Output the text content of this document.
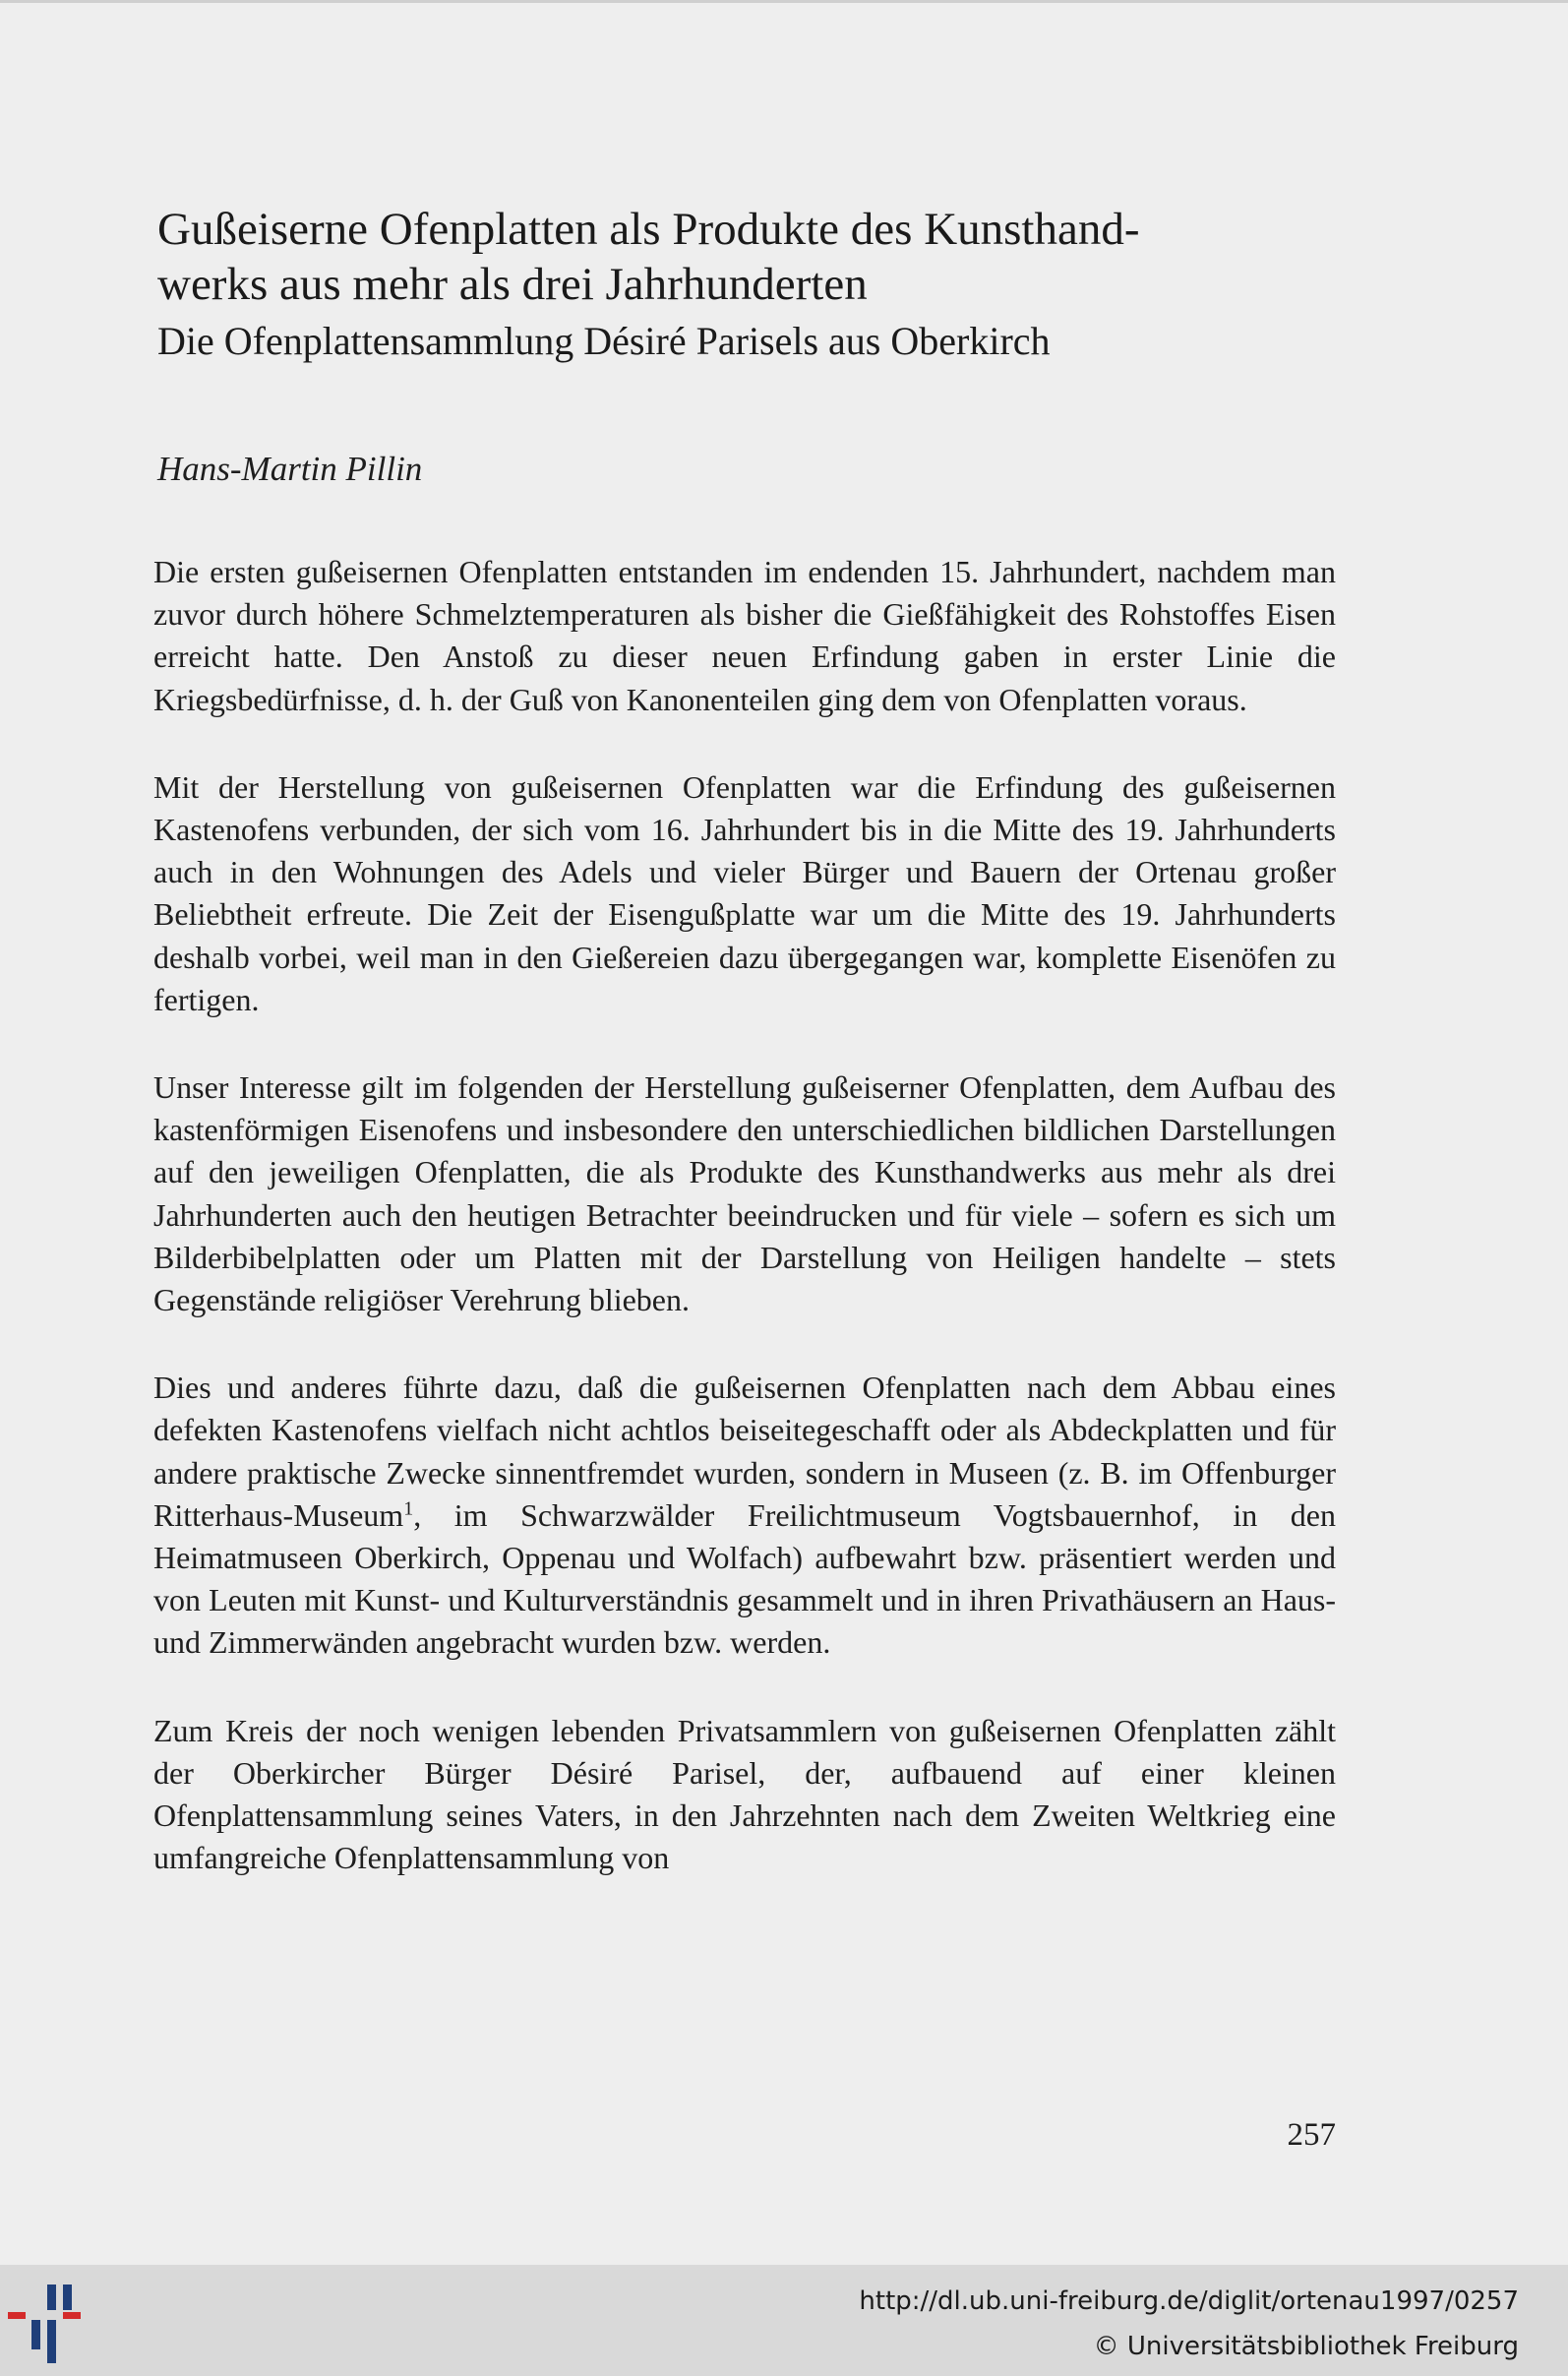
Gußeiserne Ofenplatten als Produkte des Kunsthand-
werks aus mehr als drei Jahrhunderten
Die Ofenplattensammlung Désiré Parisels aus Oberkirch
Hans-Martin Pillin

Die ersten gußeisernen Ofenplatten entstanden im endenden 15. Jahrhundert, nachdem man zuvor durch höhere Schmelztemperaturen als bisher die Gießfähigkeit des Rohstoffes Eisen erreicht hatte. Den Anstoß zu dieser neuen Erfindung gaben in erster Linie die Kriegsbedürfnisse, d. h. der Guß von Kanonenteilen ging dem von Ofenplatten voraus.

Mit der Herstellung von gußeisernen Ofenplatten war die Erfindung des gußeisernen Kastenofens verbunden, der sich vom 16. Jahrhundert bis in die Mitte des 19. Jahrhunderts auch in den Wohnungen des Adels und vieler Bürger und Bauern der Ortenau großer Beliebtheit erfreute. Die Zeit der Eisengußplatte war um die Mitte des 19. Jahrhunderts deshalb vorbei, weil man in den Gießereien dazu übergegangen war, komplette Eisenöfen zu fertigen.

Unser Interesse gilt im folgenden der Herstellung gußeiserner Ofenplatten, dem Aufbau des kastenförmigen Eisenofens und insbesondere den unterschiedlichen bildlichen Darstellungen auf den jeweiligen Ofenplatten, die als Produkte des Kunsthandwerks aus mehr als drei Jahrhunderten auch den heutigen Betrachter beeindrucken und für viele – sofern es sich um Bilderbibelplatten oder um Platten mit der Darstellung von Heiligen handelte – stets Gegenstände religiöser Verehrung blieben.

Dies und anderes führte dazu, daß die gußeisernen Ofenplatten nach dem Abbau eines defekten Kastenofens vielfach nicht achtlos beiseitegeschafft oder als Abdeckplatten und für andere praktische Zwecke sinnentfremdet wurden, sondern in Museen (z. B. im Offenburger Ritterhaus-Museum$^1$, im Schwarzwälder Freilichtmuseum Vogtsbauernhof, in den Heimatmuseen Oberkirch, Oppenau und Wolfach) aufbewahrt bzw. präsentiert werden und von Leuten mit Kunst- und Kulturverständnis gesammelt und in ihren Privathäusern an Haus- und Zimmerwänden angebracht wurden bzw. werden.

Zum Kreis der noch wenigen lebenden Privatsammlern von gußeisernen Ofenplatten zählt der Oberkircher Bürger Désiré Parisel, der, aufbauend auf einer kleinen Ofenplattensammlung seines Vaters, in den Jahrzehnten nach dem Zweiten Weltkrieg eine umfangreiche Ofenplattensammlung von

257
http://dl.ub.uni-freiburg.de/diglit/ortenau1997/0257
© Universitätsbibliothek Freiburg
